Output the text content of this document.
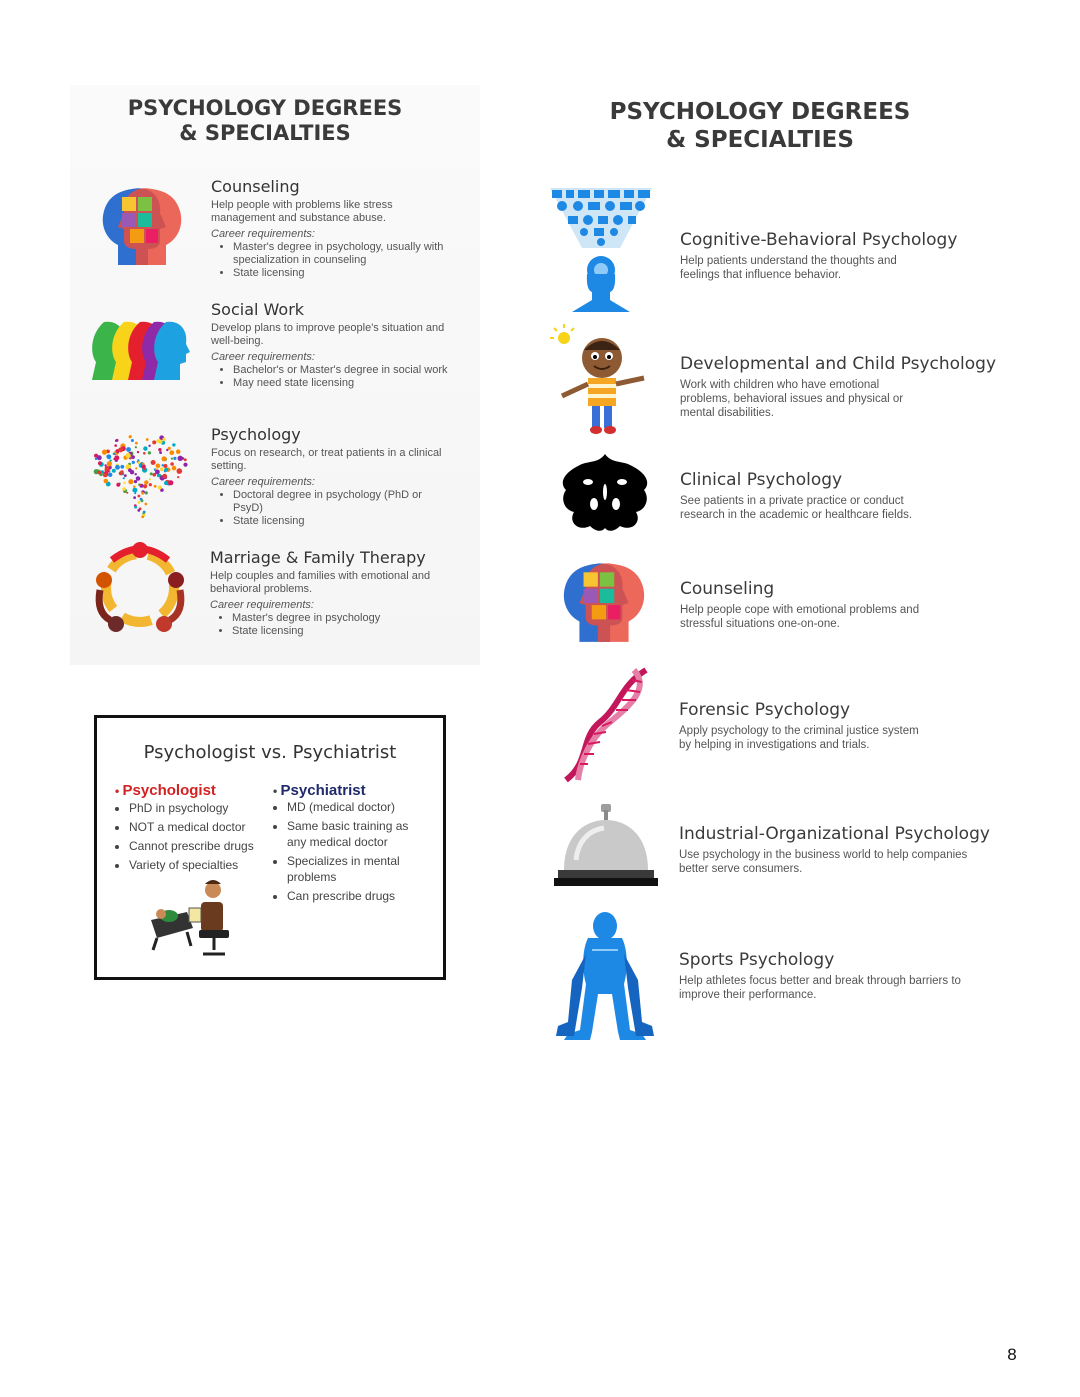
PSYCHOLOGY DEGREES
& SPECIALTIES
Counseling
Help people with problems like stress management and substance abuse.
Career requirements:
• Master's degree in psychology, usually with specialization in counseling
• State licensing
Social Work
Develop plans to improve people's situation and well-being.
Career requirements:
• Bachelor's or Master's degree in social work
• May need state licensing
Psychology
Focus on research, or treat patients in a clinical setting.
Career requirements:
• Doctoral degree in psychology (PhD or PsyD)
• State licensing
Marriage & Family Therapy
Help couples and families with emotional and behavioral problems.
Career requirements:
• Master's degree in psychology
• State licensing
Psychologist vs. Psychiatrist
• Psychologist
• PhD in psychology
• NOT a medical doctor
• Cannot prescribe drugs
• Variety of specialties
• Psychiatrist
• MD (medical doctor)
• Same basic training as any medical doctor
• Specializes in mental problems
• Can prescribe drugs
PSYCHOLOGY DEGREES
& SPECIALTIES
Cognitive-Behavioral Psychology
Help patients understand the thoughts and feelings that influence behavior.
Developmental and Child Psychology
Work with children who have emotional problems, behavioral issues and physical or mental disabilities.
Clinical Psychology
See patients in a private practice or conduct research in the academic or healthcare fields.
Counseling
Help people cope with emotional problems and stressful situations one-on-one.
Forensic Psychology
Apply psychology to the criminal justice system by helping in investigations and trials.
Industrial-Organizational Psychology
Use psychology in the business world to help companies better serve consumers.
Sports Psychology
Help athletes focus better and break through barriers to improve their performance.
8
